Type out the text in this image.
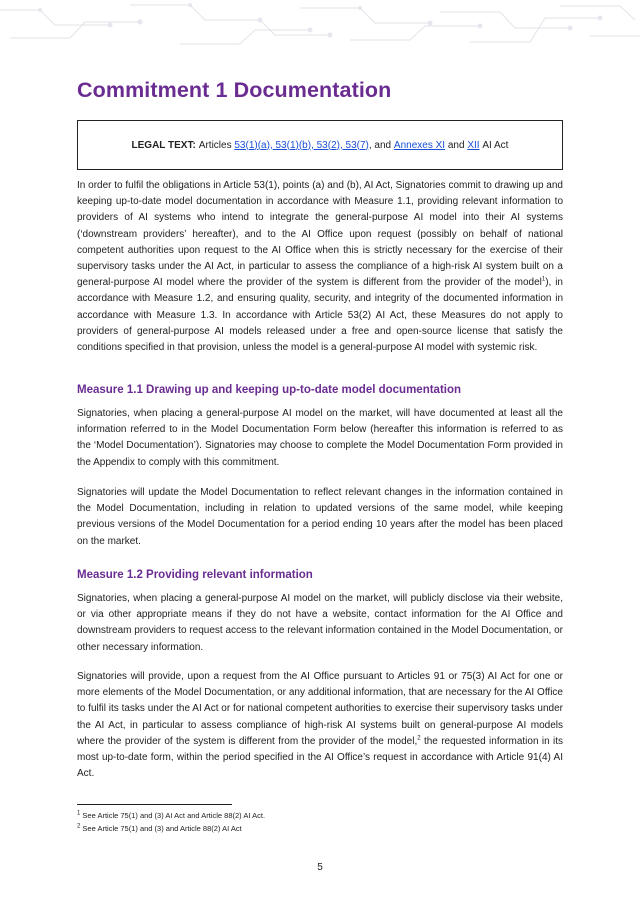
Commitment 1 Documentation
LEGAL TEXT: Articles
53(1)(a), 53(1)(b), 53(2), 53(7) , and
Annexes XI
and
XII
AI Act

In order to fulfil the obligations in Article 53(1), points (a) and (b), AI Act, Signatories commit to drawing up and keeping up-to-date model documentation in accordance with Measure 1.1, providing relevant information to providers of AI systems who intend to integrate the general-purpose AI model into their AI systems (‘downstream providers’ hereafter), and to the AI Office upon request (possibly on behalf of national competent authorities upon request to the AI Office when this is strictly necessary for the exercise of their supervisory tasks under the AI Act, in particular to assess the compliance of a high-risk AI system built on a general-purpose AI model where the provider of the system is different from the provider of the model$^1$), in accordance with Measure 1.2, and ensuring quality, security, and integrity of the documented information in accordance with Measure 1.3. In accordance with Article 53(2) AI Act, these Measures do not apply to providers of general-purpose AI models released under a free and open-source license that satisfy the conditions specified in that provision, unless the model is a general-purpose AI model with systemic risk.

Measure 1.1 Drawing up and keeping up-to-date model documentation

Signatories, when placing a general-purpose AI model on the market, will have documented at least all the information referred to in the Model Documentation Form below (hereafter this information is referred to as the ‘Model Documentation’). Signatories may choose to complete the Model Documentation Form provided in the Appendix to comply with this commitment.

Signatories will update the Model Documentation to reflect relevant changes in the information contained in the Model Documentation, including in relation to updated versions of the same model, while keeping previous versions of the Model Documentation for a period ending 10 years after the model has been placed on the market.

Measure 1.2 Providing relevant information

Signatories, when placing a general-purpose AI model on the market, will publicly disclose via their website, or via other appropriate means if they do not have a website, contact information for the AI Office and downstream providers to request access to the relevant information contained in the Model Documentation, or other necessary information.

Signatories will provide, upon a request from the AI Office pursuant to Articles 91 or 75(3) AI Act for one or more elements of the Model Documentation, or any additional information, that are necessary for the AI Office to fulfil its tasks under the AI Act or for national competent authorities to exercise their supervisory tasks under the AI Act, in particular to assess compliance of high-risk AI systems built on general-purpose AI models where the provider of the system is different from the provider of the model,$^2$ the requested information in its most up-to-date form, within the period specified in the AI Office’s request in accordance with Article 91(4) AI Act.

$^1$ See Article 75(1) and (3) AI Act and Article 88(2) AI Act.

$^2$ See Article 75(1) and (3) and Article 88(2) AI Act

5
